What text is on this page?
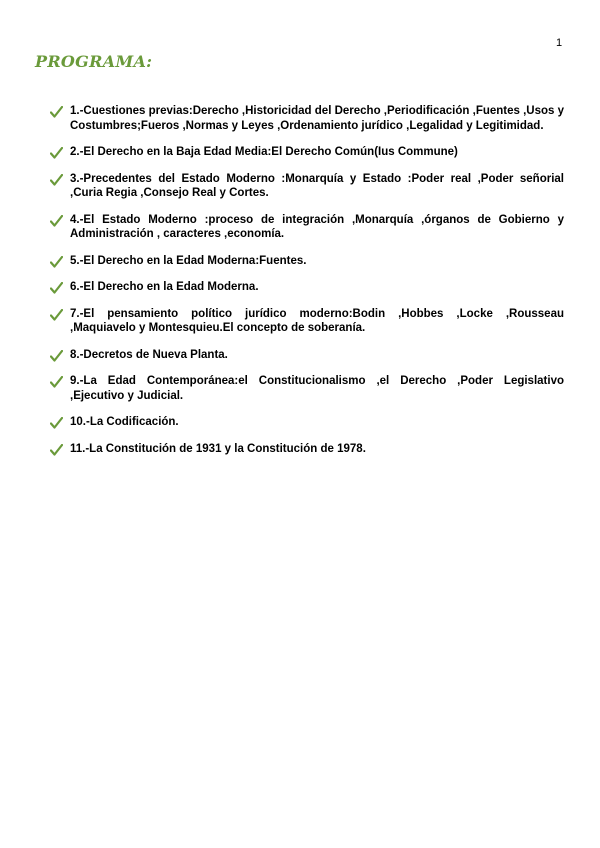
1
PROGRAMA:
1.-Cuestiones previas:Derecho ,Historicidad del Derecho ,Periodificación ,Fuentes ,Usos y Costumbres;Fueros ,Normas y Leyes ,Ordenamiento jurídico ,Legalidad y Legitimidad.
2.-El Derecho en la Baja Edad Media:El Derecho Común(Ius Commune)
3.-Precedentes del Estado Moderno :Monarquía y Estado :Poder real ,Poder señorial ,Curia Regia ,Consejo Real y Cortes.
4.-El Estado Moderno :proceso de integración ,Monarquía ,órganos de Gobierno y Administración , caracteres ,economía.
5.-El Derecho en la Edad Moderna:Fuentes.
6.-El Derecho en la Edad Moderna.
7.-El pensamiento político jurídico moderno:Bodin ,Hobbes ,Locke ,Rousseau ,Maquiavelo y Montesquieu.El concepto de soberanía.
8.-Decretos de Nueva Planta.
9.-La Edad Contemporánea:el Constitucionalismo ,el Derecho ,Poder Legislativo ,Ejecutivo y Judicial.
10.-La Codificación.
11.-La Constitución de 1931 y la Constitución de 1978.
